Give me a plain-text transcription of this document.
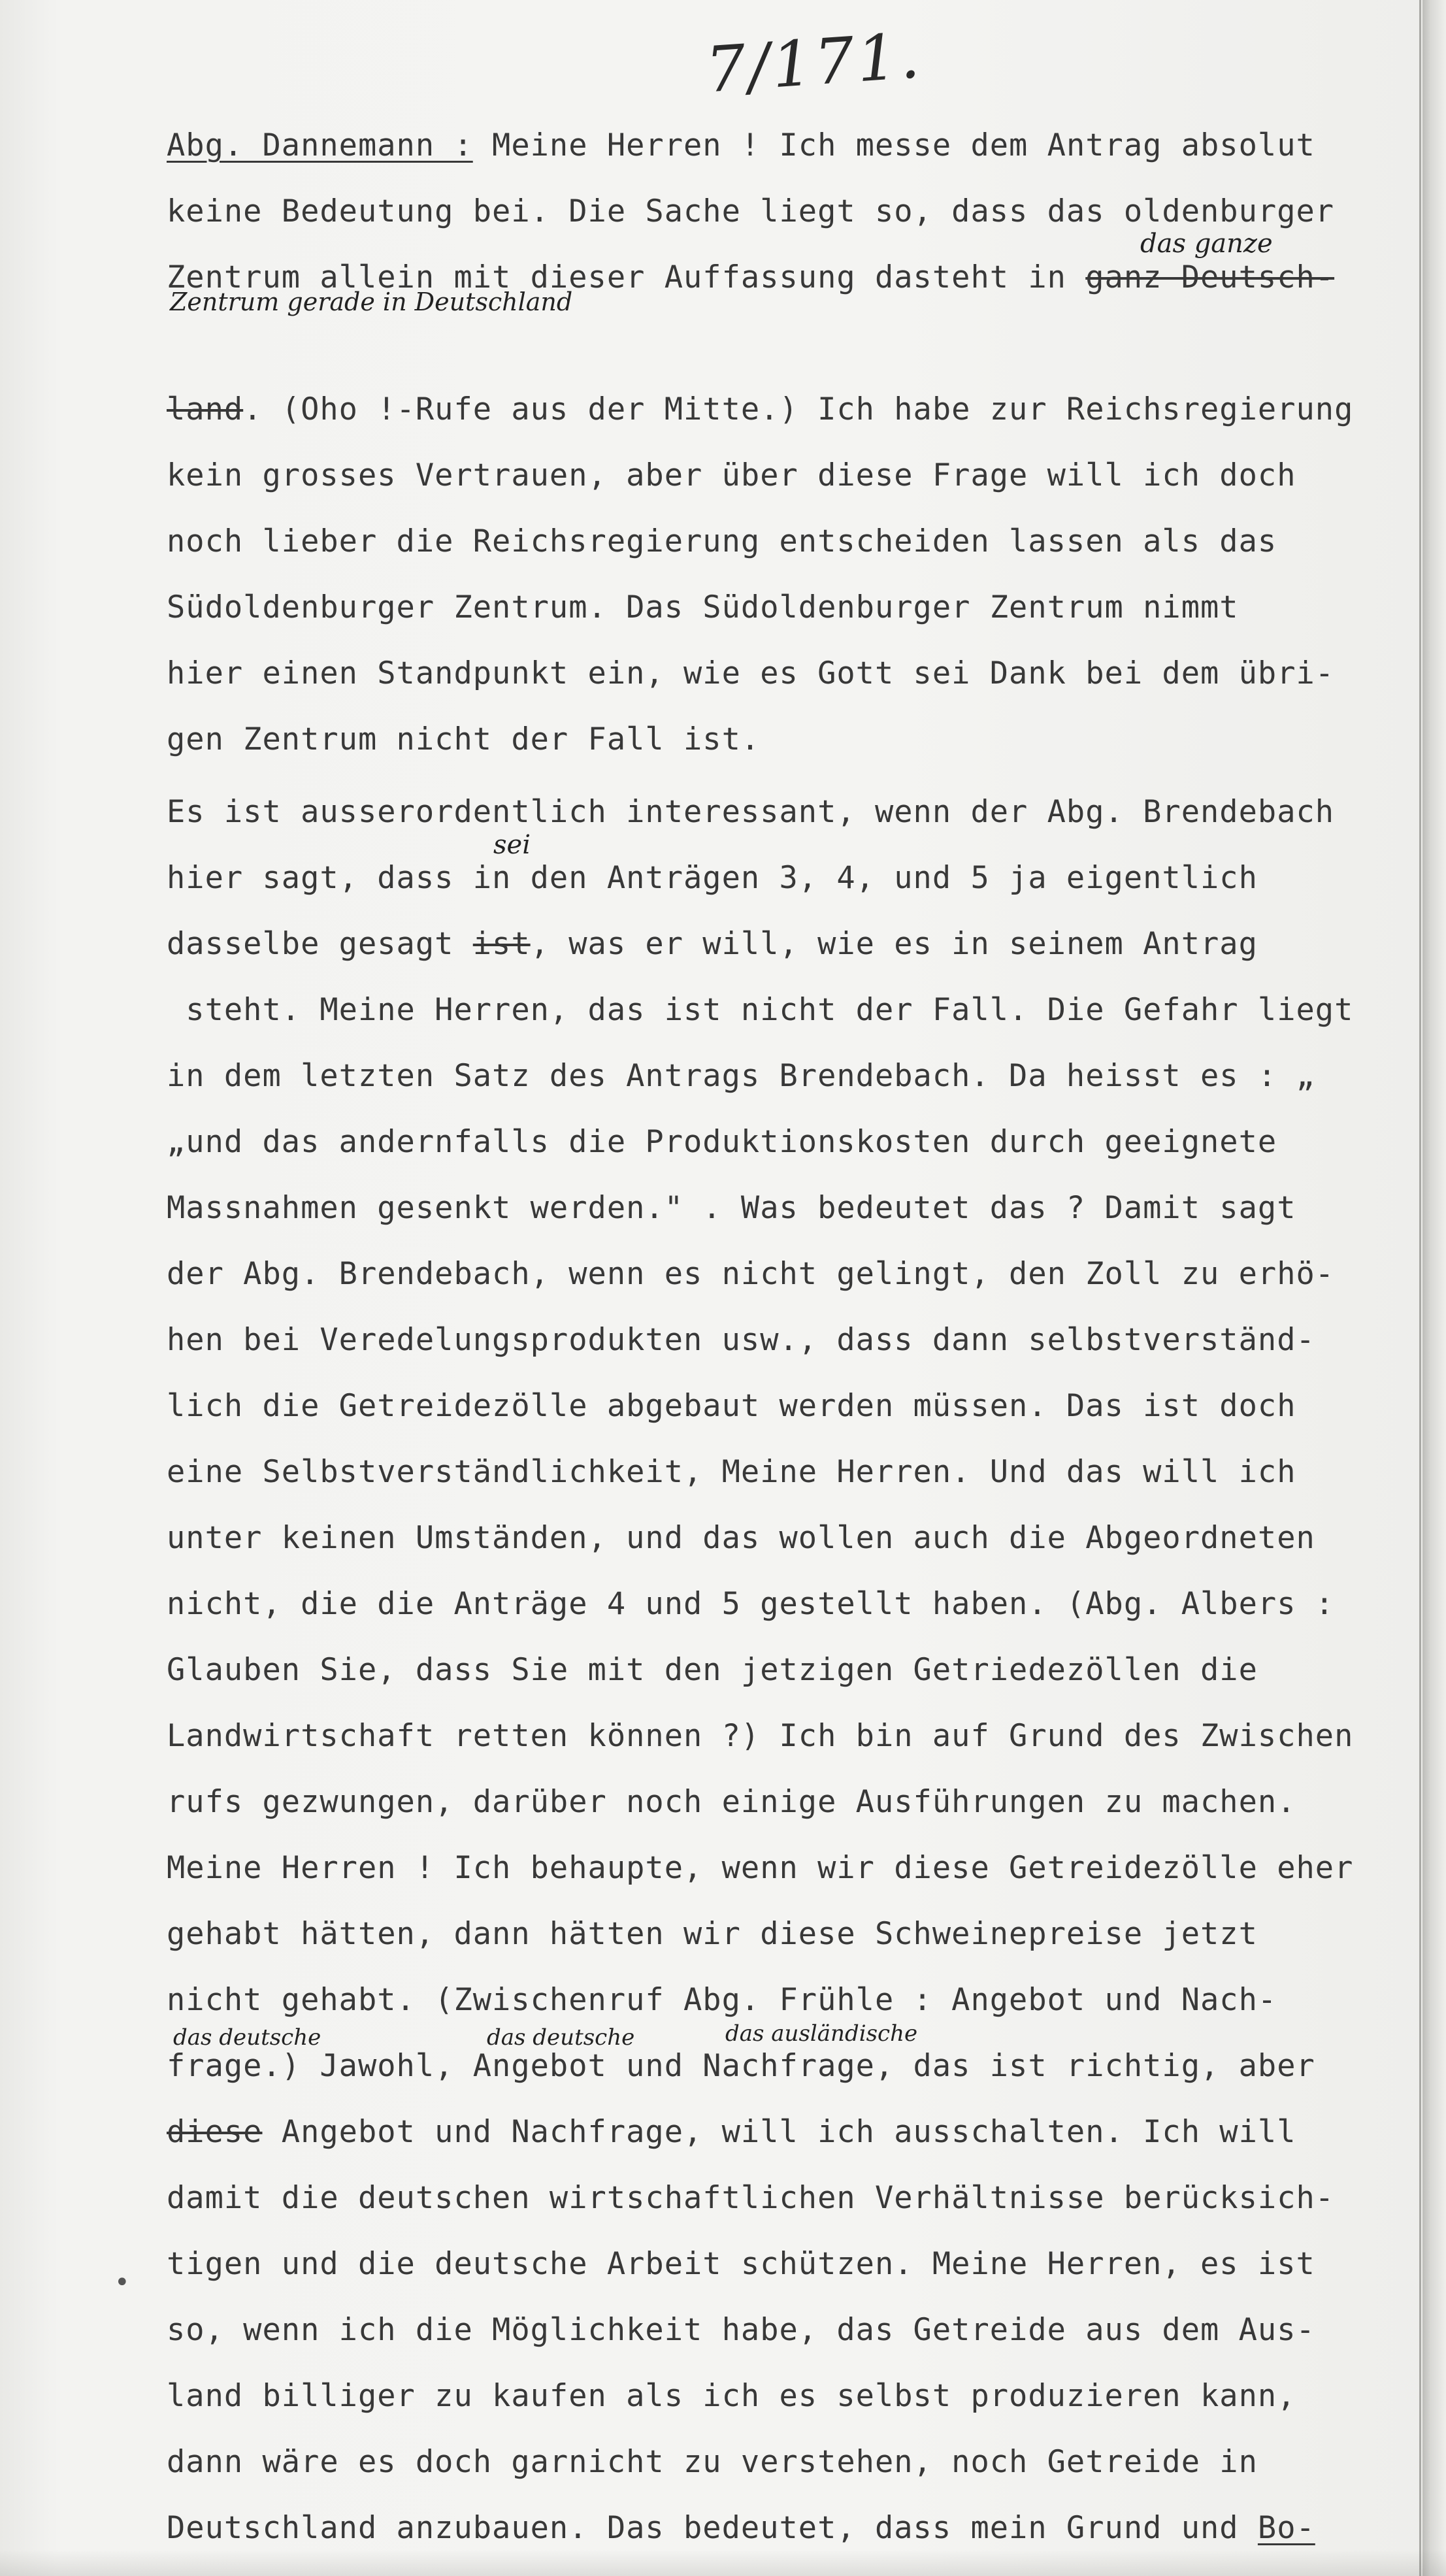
7/171.
das ganze
Zentrum gerade in Deutschland
sei
das deutsche	das deutsche	das ausländische
•
Abg. Dannemann : Meine Herren ! Ich messe dem Antrag absolut
keine Bedeutung bei. Die Sache liegt so, dass das oldenburger
Zentrum allein mit dieser Auffassung dasteht in ganz Deutsch-
land. (Oho !-Rufe aus der Mitte.) Ich habe zur Reichsregierung
kein grosses Vertrauen, aber über diese Frage will ich doch
noch lieber die Reichsregierung entscheiden lassen als das
Südoldenburger Zentrum. Das Südoldenburger Zentrum nimmt
hier einen Standpunkt ein, wie es Gott sei Dank bei dem übri-
gen Zentrum nicht der Fall ist.
Es ist ausserordentlich interessant, wenn der Abg. Brendebach
hier sagt, dass in den Anträgen 3, 4, und 5 ja eigentlich
dasselbe gesagt ist, was er will, wie es in seinem Antrag
steht. Meine Herren, das ist nicht der Fall. Die Gefahr liegt
in dem letzten Satz des Antrags Brendebach. Da heisst es : „
„und das andernfalls die Produktionskosten durch geeignete
Massnahmen gesenkt werden." . Was bedeutet das ? Damit sagt
der Abg. Brendebach, wenn es nicht gelingt, den Zoll zu erhö-
hen bei Veredelungsprodukten usw., dass dann selbstverständ-
lich die Getreidezölle abgebaut werden müssen. Das ist doch
eine Selbstverständlichkeit, Meine Herren. Und das will ich
unter keinen Umständen, und das wollen auch die Abgeordneten
nicht, die die Anträge 4 und 5 gestellt haben. (Abg. Albers :
Glauben Sie, dass Sie mit den jetzigen Getriedezöllen die
Landwirtschaft retten können ?) Ich bin auf Grund des Zwischen
rufs gezwungen, darüber noch einige Ausführungen zu machen.
Meine Herren ! Ich behaupte, wenn wir diese Getreidezölle eher
gehabt hätten, dann hätten wir diese Schweinepreise jetzt
nicht gehabt. (Zwischenruf Abg. Frühle : Angebot und Nach-
frage.) Jawohl, Angebot und Nachfrage, das ist richtig, aber
diese Angebot und Nachfrage, will ich ausschalten. Ich will
damit die deutschen wirtschaftlichen Verhältnisse berücksich-
tigen und die deutsche Arbeit schützen. Meine Herren, es ist
so, wenn ich die Möglichkeit habe, das Getreide aus dem Aus-
land billiger zu kaufen als ich es selbst produzieren kann,
dann wäre es doch garnicht zu verstehen, noch Getreide in
Deutschland anzubauen. Das bedeutet, dass mein Grund und Bo-
